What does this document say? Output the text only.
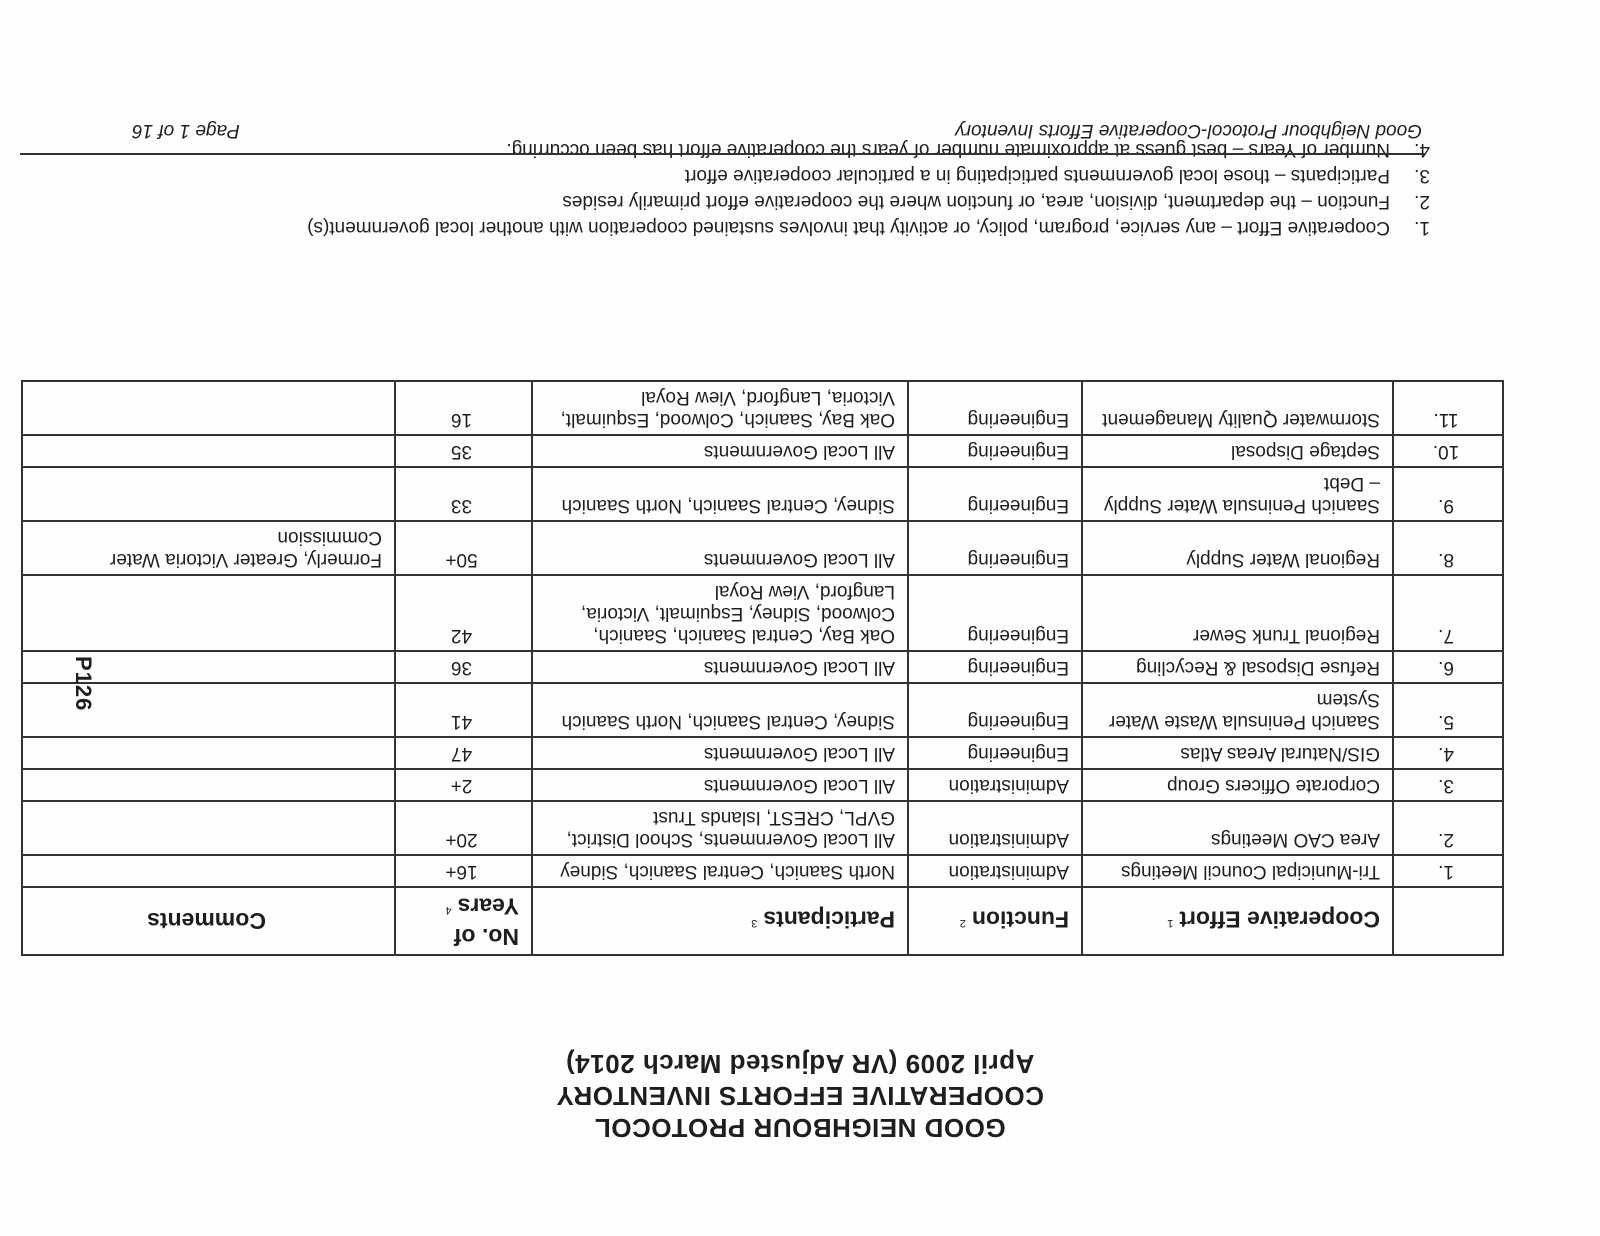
GOOD NEIGHBOUR PROTOCOL
COOPERATIVE EFFORTS INVENTORY
April 2009 (VR Adjusted March 2014)
	Cooperative Effort$^1$	Function$^2$	Participants$^3$	No. of Years$^4$	Comments
1.	Tri-Municipal Council Meetings	Administration	North Saanich, Central Saanich, Sidney	16+	
2.	Area CAO Meetings	Administration	All Local Governments, School District, GVPL, CREST, Islands Trust	20+	
3.	Corporate Officers Group	Administration	All Local Governments	2+	
4.	GIS/Natural Areas Atlas	Engineering	All Local Governments	47	
5.	Saanich Peninsula Waste Water System	Engineering	Sidney, Central Saanich, North Saanich	41	
6.	Refuse Disposal & Recycling	Engineering	All Local Governments	36	
7.	Regional Trunk Sewer	Engineering	Oak Bay, Central Saanich, Saanich, Colwood, Sidney, Esquimalt, Victoria, Langford, View Royal	42	
8.	Regional Water Supply	Engineering	All Local Governments	50+	Formerly, Greater Victoria Water Commission
9.	Saanich Peninsula Water Supply – Debt	Engineering	Sidney, Central Saanich, North Saanich	33	
10.	Septage Disposal	Engineering	All Local Governments	35	
11.	Stormwater Quality Management	Engineering	Oak Bay, Saanich, Colwood, Esquimalt, Victoria, Langford, View Royal	16	
1.
Cooperative Effort – any service, program, policy, or activity that involves sustained cooperation with another local government(s)
2.
Function – the department, division, area, or function where the cooperative effort primarily resides
3.
Participants – those local governments participating in a particular cooperative effort
4.
Number of Years – best guess at approximate number of years the cooperative effort has been occurring.
Good Neighbour Protocol-Cooperative Efforts Inventory
Page 1 of 16
P126
